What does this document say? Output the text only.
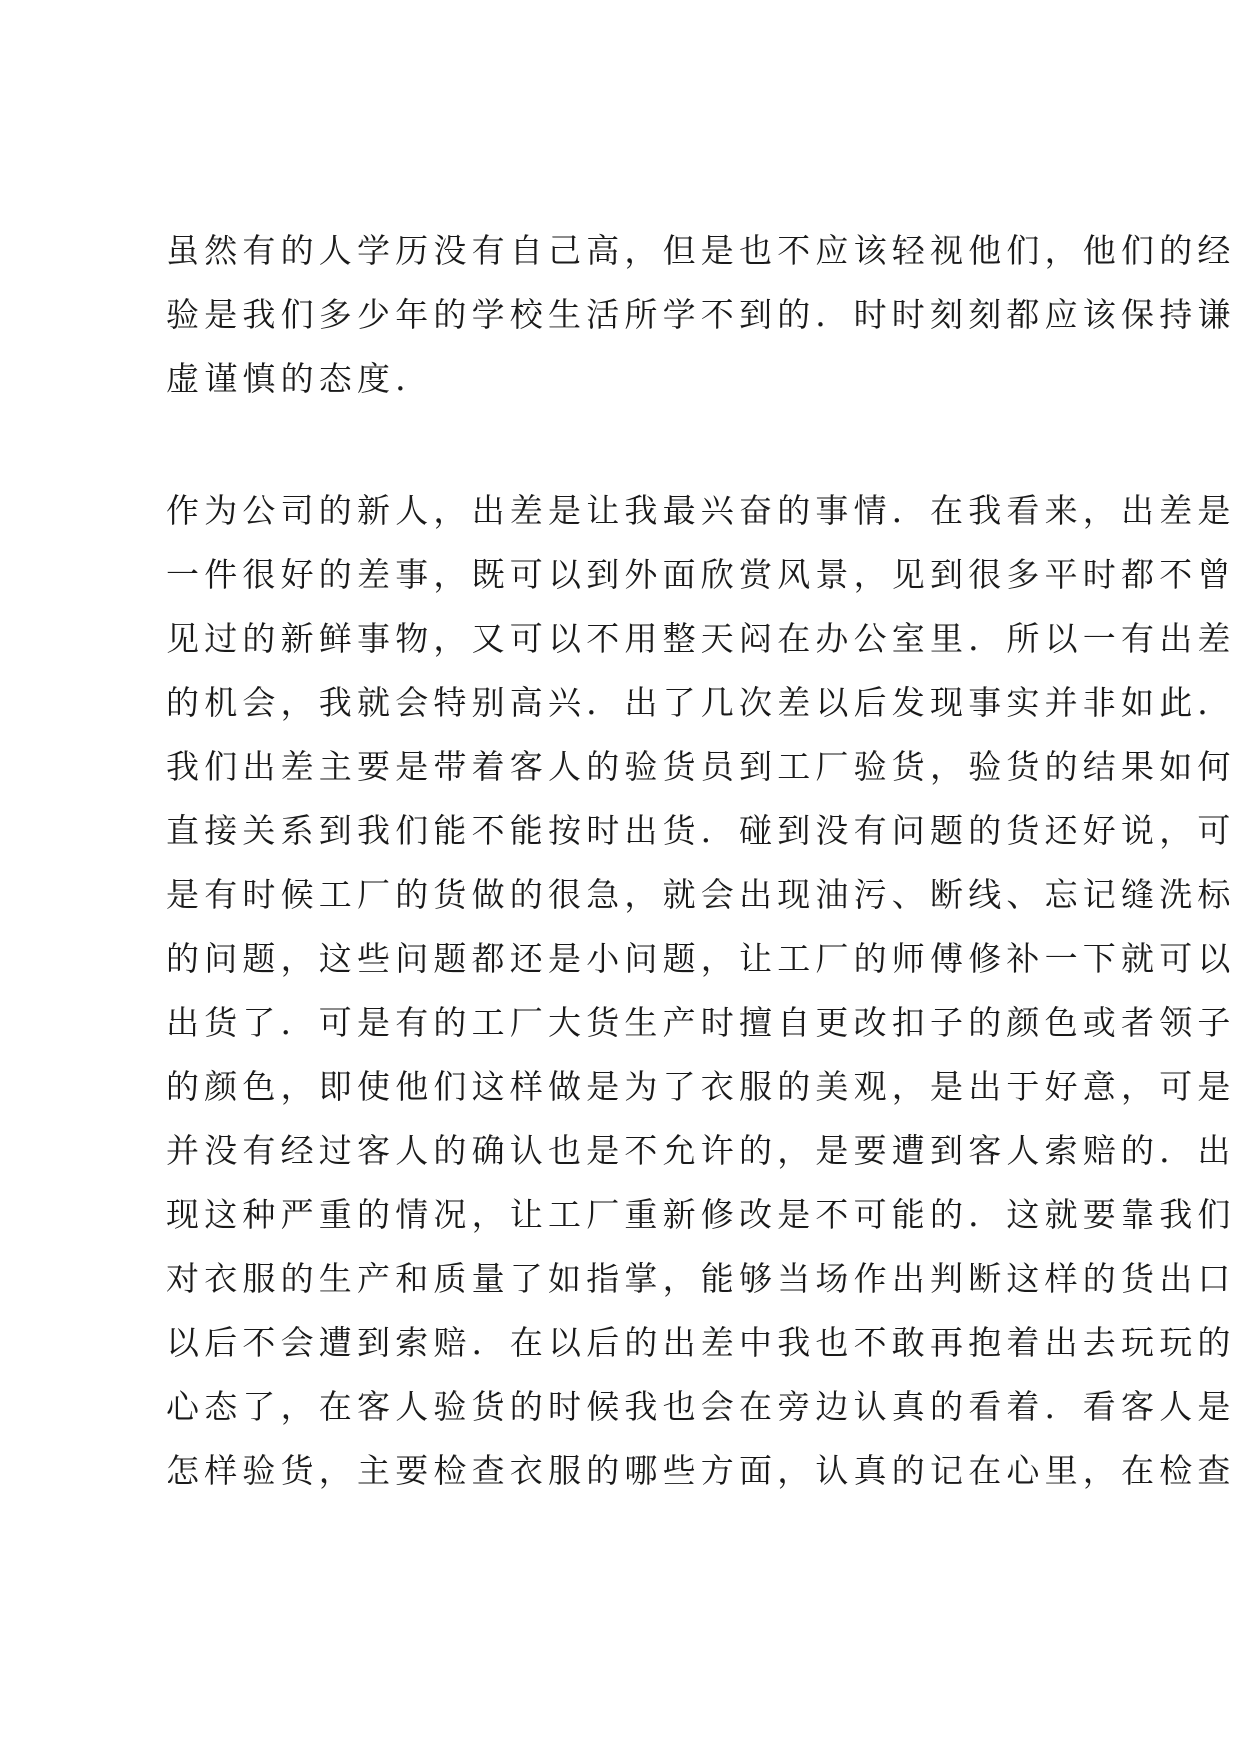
虽然有的人学历没有自己高，但是也不应该轻视他们，他们的经
验是我们多少年的学校生活所学不到的．时时刻刻都应该保持谦
虚谨慎的态度．
作为公司的新人，出差是让我最兴奋的事情．在我看来，出差是
一件很好的差事，既可以到外面欣赏风景，见到很多平时都不曾
见过的新鲜事物，又可以不用整天闷在办公室里．所以一有出差
的机会，我就会特别高兴．出了几次差以后发现事实并非如此．
我们出差主要是带着客人的验货员到工厂验货，验货的结果如何
直接关系到我们能不能按时出货．碰到没有问题的货还好说，可
是有时候工厂的货做的很急，就会出现油污、断线、忘记缝洗标
的问题，这些问题都还是小问题，让工厂的师傅修补一下就可以
出货了．可是有的工厂大货生产时擅自更改扣子的颜色或者领子
的颜色，即使他们这样做是为了衣服的美观，是出于好意，可是
并没有经过客人的确认也是不允许的，是要遭到客人索赔的．出
现这种严重的情况，让工厂重新修改是不可能的．这就要靠我们
对衣服的生产和质量了如指掌，能够当场作出判断这样的货出口
以后不会遭到索赔．在以后的出差中我也不敢再抱着出去玩玩的
心态了，在客人验货的时候我也会在旁边认真的看着．看客人是
怎样验货，主要检查衣服的哪些方面，认真的记在心里，在检查
